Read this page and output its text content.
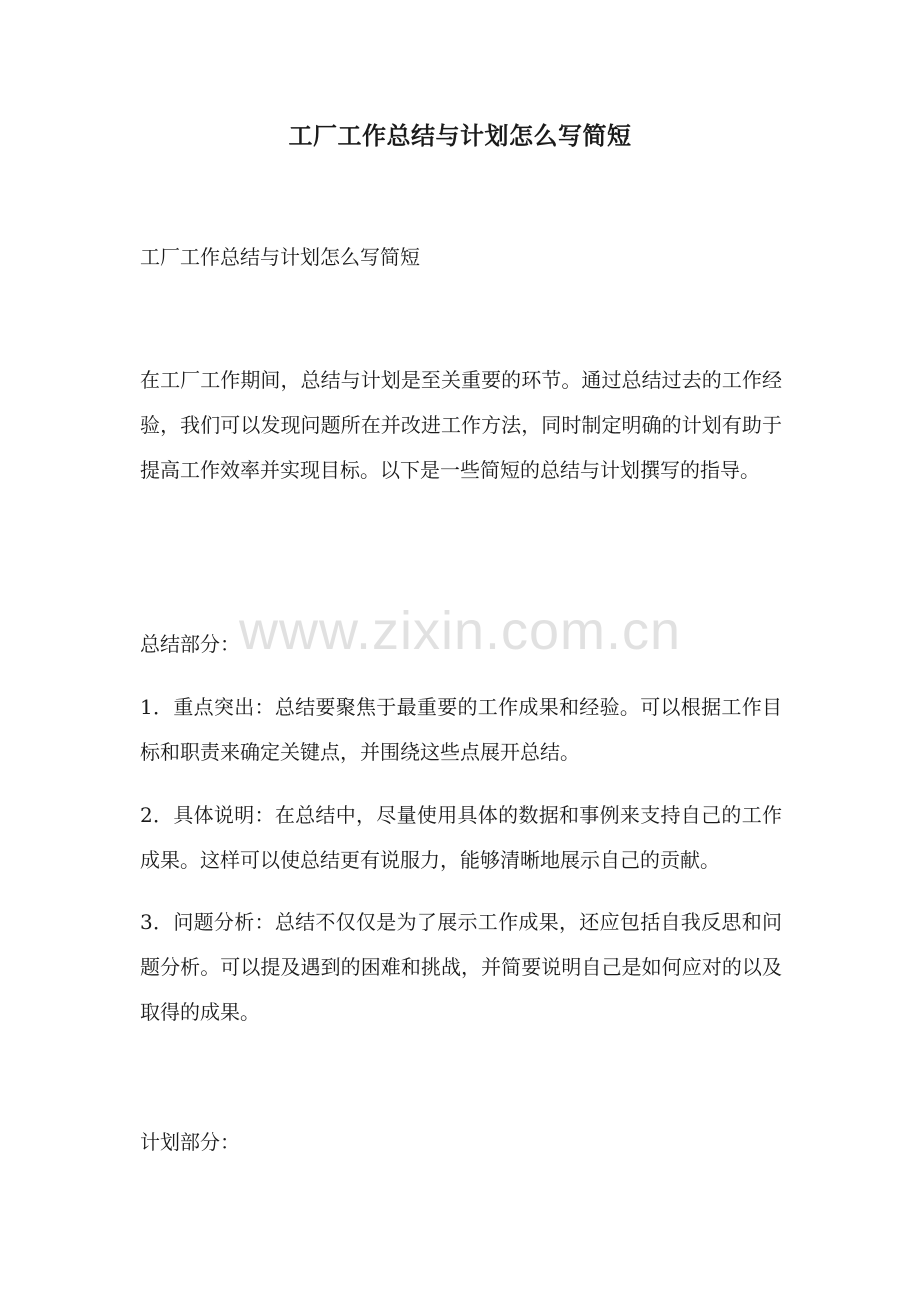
工厂工作总结与计划怎么写简短
工厂工作总结与计划怎么写简短
在工厂工作期间，总结与计划是至关重要的环节。通过总结过去的工作经验，我们可以发现问题所在并改进工作方法，同时制定明确的计划有助于提高工作效率并实现目标。以下是一些简短的总结与计划撰写的指导。
总结部分：
1．重点突出：总结要聚焦于最重要的工作成果和经验。可以根据工作目标和职责来确定关键点，并围绕这些点展开总结。
2．具体说明：在总结中，尽量使用具体的数据和事例来支持自己的工作成果。这样可以使总结更有说服力，能够清晰地展示自己的贡献。
3．问题分析：总结不仅仅是为了展示工作成果，还应包括自我反思和问题分析。可以提及遇到的困难和挑战，并简要说明自己是如何应对的以及取得的成果。
计划部分：
www.zixin.com.cn
